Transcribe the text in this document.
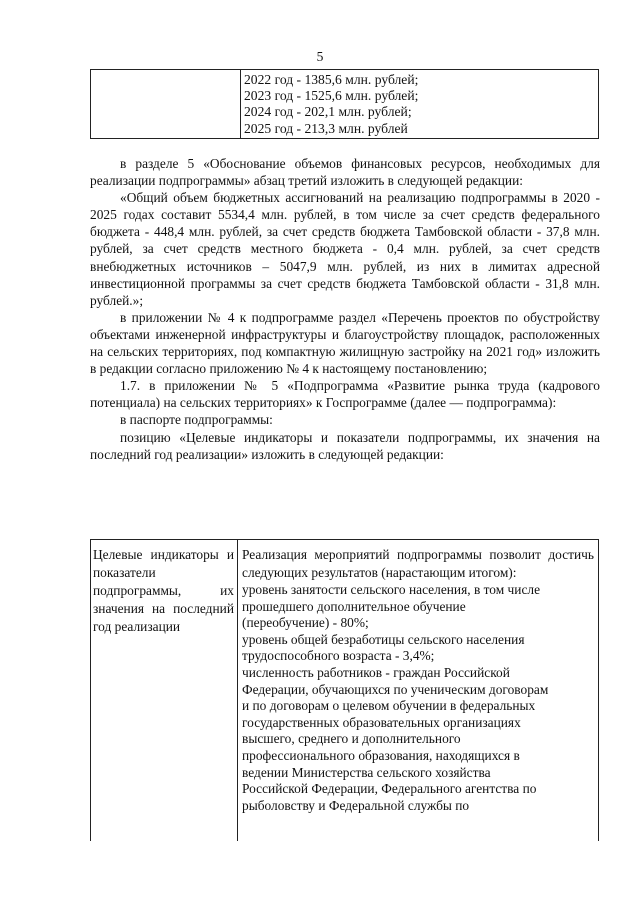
5
2022 год - 1385,6 млн. рублей;
2023 год - 1525,6 млн. рублей;
2024 год - 202,1 млн. рублей;
2025 год - 213,3 млн. рублей

в разделе 5 «Обоснование объемов финансовых ресурсов, необходимых для реализации подпрограммы» абзац третий изложить в следующей редакции:

«Общий объем бюджетных ассигнований на реализацию подпрограммы в 2020 - 2025 годах составит 5534,4 млн. рублей, в том числе за счет средств федерального бюджета - 448,4 млн. рублей, за счет средств бюджета Тамбовской области - 37,8 млн. рублей, за счет средств местного бюджета - 0,4 млн. рублей, за счет средств внебюджетных источников – 5047,9 млн. рублей, из них в лимитах адресной инвестиционной программы за счет средств бюджета Тамбовской области - 31,8 млн. рублей.»;

в приложении № 4 к подпрограмме раздел «Перечень проектов по обустройству объектами инженерной инфраструктуры и благоустройству площадок, расположенных на сельских территориях, под компактную жилищную застройку на 2021 год» изложить в редакции согласно приложению № 4 к настоящему постановлению;

1.7. в приложении № 5 «Подпрограмма «Развитие рынка труда (кадрового потенциала) на сельских территориях» к Госпрограмме (далее — подпрограмма):

в паспорте подпрограммы:

позицию «Целевые индикаторы и показатели подпрограммы, их значения на последний год реализации» изложить в следующей редакции:

Целевые индикаторы и показатели подпрограммы, их значения на последний год реализации

Реализация мероприятий подпрограммы позволит достичь следующих результатов (нарастающим итогом):

уровень занятости сельского населения, в том числе

прошедшего дополнительное обучение

(переобучение) - 80%;

уровень общей безработицы сельского населения

трудоспособного возраста - 3,4%;

численность работников - граждан Российской

Федерации, обучающихся по ученическим договорам

и по договорам о целевом обучении в федеральных

государственных образовательных организациях

высшего, среднего и дополнительного

профессионального образования, находящихся в

ведении Министерства сельского хозяйства

Российской Федерации, Федерального агентства по

рыболовству и Федеральной службы по
